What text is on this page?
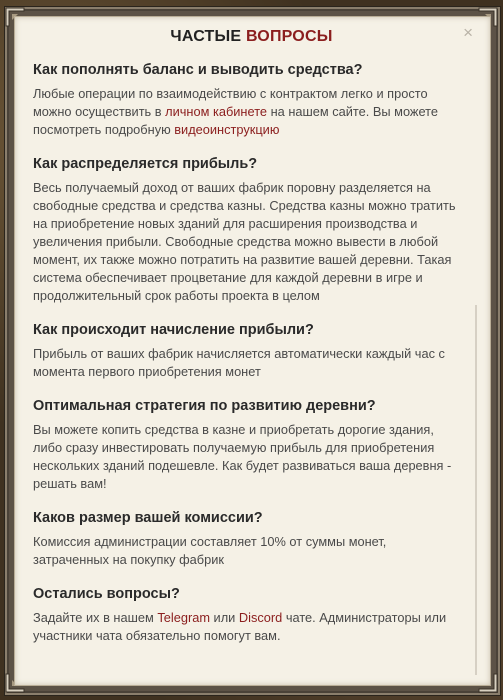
ЧАСТЫЕ ВОПРОСЫ	×
Как пополнять баланс и выводить средства?
Любые операции по взаимодействию с контрактом легко и просто можно осуществить в личном кабинете на нашем сайте. Вы можете посмотреть подробную видеоинструкцию
Как распределяется прибыль?
Весь получаемый доход от ваших фабрик поровну разделяется на свободные средства и средства казны. Средства казны можно тратить на приобретение новых зданий для расширения производства и увеличения прибыли. Свободные средства можно вывести в любой момент, их также можно потратить на развитие вашей деревни. Такая система обеспечивает процветание для каждой деревни в игре и продолжительный срок работы проекта в целом
Как происходит начисление прибыли?
Прибыль от ваших фабрик начисляется автоматически каждый час с момента первого приобретения монет
Оптимальная стратегия по развитию деревни?
Вы можете копить средства в казне и приобретать дорогие здания, либо сразу инвестировать получаемую прибыль для приобретения нескольких зданий подешевле. Как будет развиваться ваша деревня - решать вам!
Каков размер вашей комиссии?
Комиссия администрации составляет 10% от суммы монет, затраченных на покупку фабрик
Остались вопросы?
Задайте их в нашем Telegram или Discord чате. Администраторы или участники чата обязательно помогут вам.
